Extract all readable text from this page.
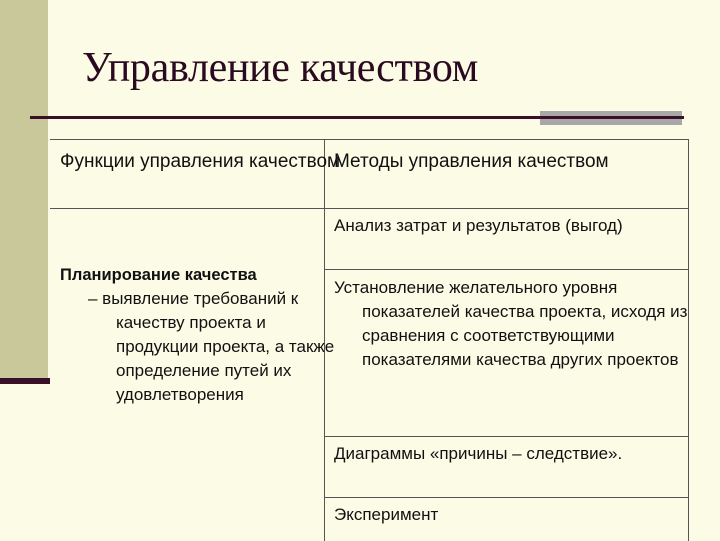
Управление качеством
Функции управления качеством
Методы управления качеством
Планирование качества
– выявление требований к качеству проекта и продукции проекта, а также определение путей их удовлетворения
Анализ затрат и результатов (выгод)
Установление желательного уровня показателей качества проекта, исходя из сравнения с соответствующими показателями качества других проектов
Диаграммы «причины – следствие».
Эксперимент
